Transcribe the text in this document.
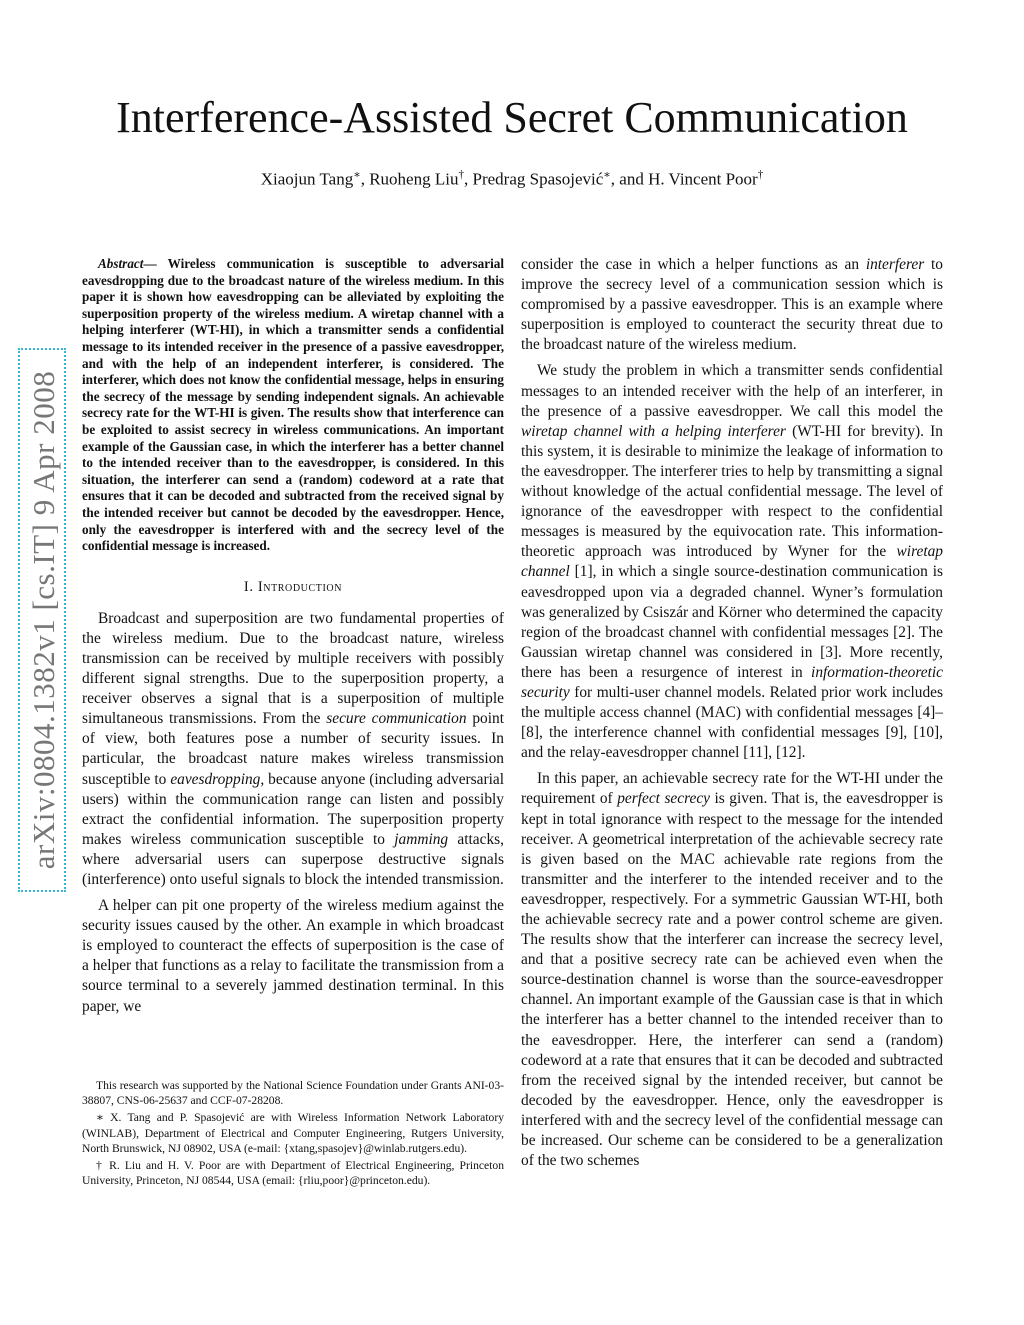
arXiv:0804.1382v1 [cs.IT] 9 Apr 2008
Interference-Assisted Secret Communication
Xiaojun Tang∗, Ruoheng Liu†, Predrag Spasojević∗, and H. Vincent Poor†

Abstract— Wireless communication is susceptible to adversarial eavesdropping due to the broadcast nature of the wireless medium. In this paper it is shown how eavesdropping can be alleviated by exploiting the superposition property of the wireless medium. A wiretap channel with a helping interferer (WT-HI), in which a transmitter sends a confidential message to its intended receiver in the presence of a passive eavesdropper, and with the help of an independent interferer, is considered. The interferer, which does not know the confidential message, helps in ensuring the secrecy of the message by sending independent signals. An achievable secrecy rate for the WT-HI is given. The results show that interference can be exploited to assist secrecy in wireless communications. An important example of the Gaussian case, in which the interferer has a better channel to the intended receiver than to the eavesdropper, is considered. In this situation, the interferer can send a (random) codeword at a rate that ensures that it can be decoded and subtracted from the received signal by the intended receiver but cannot be decoded by the eavesdropper. Hence, only the eavesdropper is interfered with and the secrecy level of the confidential message is increased.

I. Introduction

Broadcast and superposition are two fundamental properties of the wireless medium. Due to the broadcast nature, wireless transmission can be received by multiple receivers with possibly different signal strengths. Due to the superposition property, a receiver observes a signal that is a superposition of multiple simultaneous transmissions. From the secure communication point of view, both features pose a number of security issues. In particular, the broadcast nature makes wireless transmission susceptible to eavesdropping, because anyone (including adversarial users) within the communication range can listen and possibly extract the confidential information. The superposition property makes wireless communication susceptible to jamming attacks, where adversarial users can superpose destructive signals (interference) onto useful signals to block the intended transmission.

A helper can pit one property of the wireless medium against the security issues caused by the other. An example in which broadcast is employed to counteract the effects of superposition is the case of a helper that functions as a relay to facilitate the transmission from a source terminal to a severely jammed destination terminal. In this paper, we

This research was supported by the National Science Foundation under Grants ANI-03-38807, CNS-06-25637 and CCF-07-28208.

∗ X. Tang and P. Spasojević are with Wireless Information Network Laboratory (WINLAB), Department of Electrical and Computer Engineering, Rutgers University, North Brunswick, NJ 08902, USA (e-mail: {xtang,spasojev}@winlab.rutgers.edu).

† R. Liu and H. V. Poor are with Department of Electrical Engineering, Princeton University, Princeton, NJ 08544, USA (email: {rliu,poor}@princeton.edu).

consider the case in which a helper functions as an interferer to improve the secrecy level of a communication session which is compromised by a passive eavesdropper. This is an example where superposition is employed to counteract the security threat due to the broadcast nature of the wireless medium.

We study the problem in which a transmitter sends confidential messages to an intended receiver with the help of an interferer, in the presence of a passive eavesdropper. We call this model the wiretap channel with a helping interferer (WT-HI for brevity). In this system, it is desirable to minimize the leakage of information to the eavesdropper. The interferer tries to help by transmitting a signal without knowledge of the actual confidential message. The level of ignorance of the eavesdropper with respect to the confidential messages is measured by the equivocation rate. This information-theoretic approach was introduced by Wyner for the wiretap channel [1], in which a single source-destination communication is eavesdropped upon via a degraded channel. Wyner’s formulation was generalized by Csiszár and Körner who determined the capacity region of the broadcast channel with confidential messages [2]. The Gaussian wiretap channel was considered in [3]. More recently, there has been a resurgence of interest in information-theoretic security for multi-user channel models. Related prior work includes the multiple access channel (MAC) with confidential messages [4]–[8], the interference channel with confidential messages [9], [10], and the relay-eavesdropper channel [11], [12].

In this paper, an achievable secrecy rate for the WT-HI under the requirement of perfect secrecy is given. That is, the eavesdropper is kept in total ignorance with respect to the message for the intended receiver. A geometrical interpretation of the achievable secrecy rate is given based on the MAC achievable rate regions from the transmitter and the interferer to the intended receiver and to the eavesdropper, respectively. For a symmetric Gaussian WT-HI, both the achievable secrecy rate and a power control scheme are given. The results show that the interferer can increase the secrecy level, and that a positive secrecy rate can be achieved even when the source-destination channel is worse than the source-eavesdropper channel. An important example of the Gaussian case is that in which the interferer has a better channel to the intended receiver than to the eavesdropper. Here, the interferer can send a (random) codeword at a rate that ensures that it can be decoded and subtracted from the received signal by the intended receiver, but cannot be decoded by the eavesdropper. Hence, only the eavesdropper is interfered with and the secrecy level of the confidential message can be increased. Our scheme can be considered to be a generalization of the two schemes
